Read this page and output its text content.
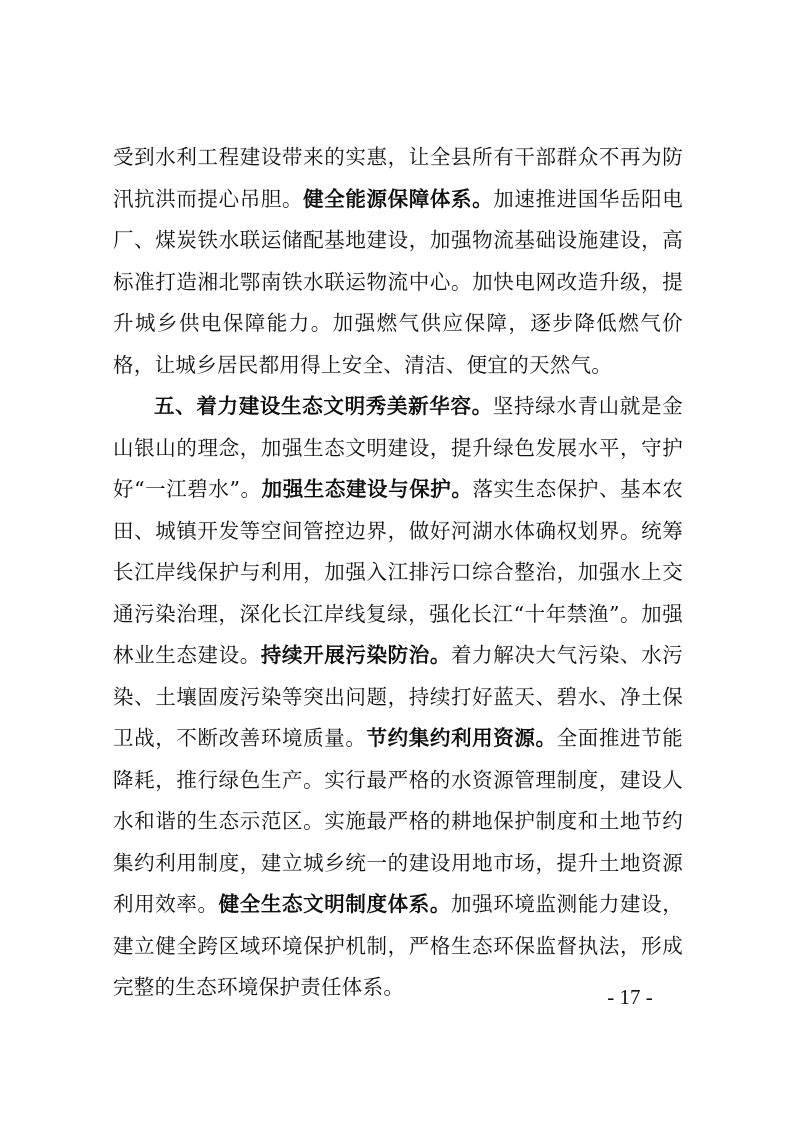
受到水利工程建设带来的实惠，让全县所有干部群众不再为防汛抗洪而提心吊胆。健全能源保障体系。加速推进国华岳阳电厂、煤炭铁水联运储配基地建设，加强物流基础设施建设，高标准打造湘北鄂南铁水联运物流中心。加快电网改造升级，提升城乡供电保障能力。加强燃气供应保障，逐步降低燃气价格，让城乡居民都用得上安全、清洁、便宜的天然气。

五、着力建设生态文明秀美新华容。坚持绿水青山就是金山银山的理念，加强生态文明建设，提升绿色发展水平，守护好“一江碧水”。加强生态建设与保护。落实生态保护、基本农田、城镇开发等空间管控边界，做好河湖水体确权划界。统筹长江岸线保护与利用，加强入江排污口综合整治，加强水上交通污染治理，深化长江岸线复绿，强化长江“十年禁渔”。加强林业生态建设。持续开展污染防治。着力解决大气污染、水污染、土壤固废污染等突出问题，持续打好蓝天、碧水、净土保卫战，不断改善环境质量。节约集约利用资源。全面推进节能降耗，推行绿色生产。实行最严格的水资源管理制度，建设人水和谐的生态示范区。实施最严格的耕地保护制度和土地节约集约利用制度，建立城乡统一的建设用地市场，提升土地资源利用效率。健全生态文明制度体系。加强环境监测能力建设，建立健全跨区域环境保护机制，严格生态环保监督执法，形成完整的生态环境保护责任体系。	- 17 -
